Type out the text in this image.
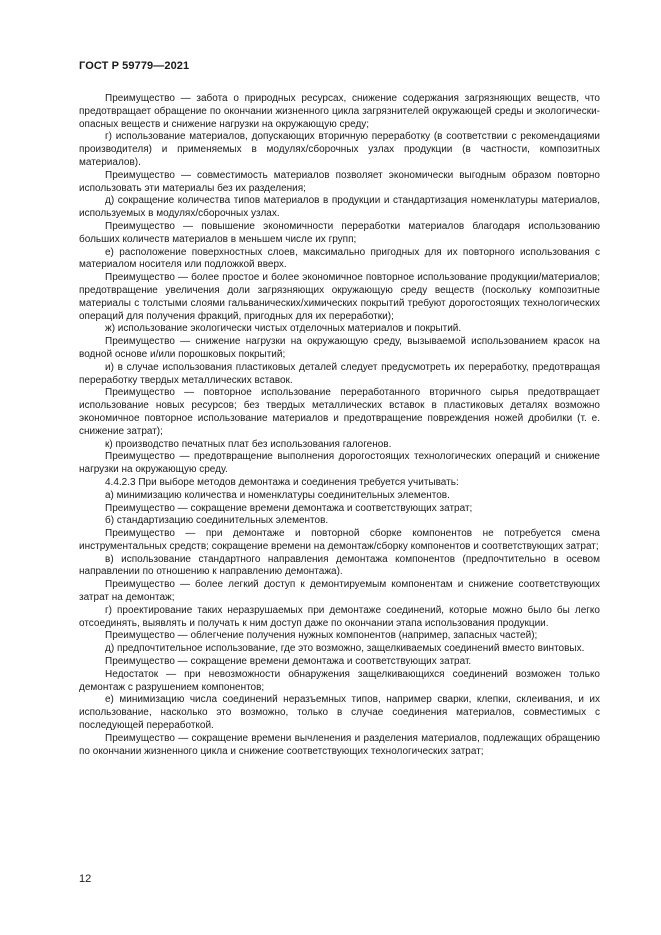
ГОСТ Р 59779—2021

Преимущество — забота о природных ресурсах, снижение содержания загрязняющих веществ, что предотвращает обращение по окончании жизненного цикла загрязнителей окружающей среды и экологически-опасных веществ и снижение нагрузки на окружающую среду;

г) использование материалов, допускающих вторичную переработку (в соответствии с рекомендациями производителя) и применяемых в модулях/сборочных узлах продукции (в частности, композитных материалов).

Преимущество — совместимость материалов позволяет экономически выгодным образом повторно использовать эти материалы без их разделения;

д) сокращение количества типов материалов в продукции и стандартизация номенклатуры материалов, используемых в модулях/сборочных узлах.

Преимущество — повышение экономичности переработки материалов благодаря использованию больших количеств материалов в меньшем числе их групп;

е) расположение поверхностных слоев, максимально пригодных для их повторного использования с материалом носителя или подложкой вверх.

Преимущество — более простое и более экономичное повторное использование продукции/материалов; предотвращение увеличения доли загрязняющих окружающую среду веществ (поскольку композитные материалы с толстыми слоями гальванических/химических покрытий требуют дорогостоящих технологических операций для получения фракций, пригодных для их переработки);

ж) использование экологически чистых отделочных материалов и покрытий.

Преимущество — снижение нагрузки на окружающую среду, вызываемой использованием красок на водной основе и/или порошковых покрытий;

и) в случае использования пластиковых деталей следует предусмотреть их переработку, предотвращая переработку твердых металлических вставок.

Преимущество — повторное использование переработанного вторичного сырья предотвращает использование новых ресурсов; без твердых металлических вставок в пластиковых деталях возможно экономичное повторное использование материалов и предотвращение повреждения ножей дробилки (т. е. снижение затрат);

к) производство печатных плат без использования галогенов.

Преимущество — предотвращение выполнения дорогостоящих технологических операций и снижение нагрузки на окружающую среду.

4.4.2.3 При выборе методов демонтажа и соединения требуется учитывать:

а) минимизацию количества и номенклатуры соединительных элементов.

Преимущество — сокращение времени демонтажа и соответствующих затрат;

б) стандартизацию соединительных элементов.

Преимущество — при демонтаже и повторной сборке компонентов не потребуется смена инструментальных средств; сокращение времени на демонтаж/сборку компонентов и соответствующих затрат;

в) использование стандартного направления демонтажа компонентов (предпочтительно в осевом направлении по отношению к направлению демонтажа).

Преимущество — более легкий доступ к демонтируемым компонентам и снижение соответствующих затрат на демонтаж;

г) проектирование таких неразрушаемых при демонтаже соединений, которые можно было бы легко отсоединять, выявлять и получать к ним доступ даже по окончании этапа использования продукции.

Преимущество — облегчение получения нужных компонентов (например, запасных частей);

д) предпочтительное использование, где это возможно, защелкиваемых соединений вместо винтовых.

Преимущество — сокращение времени демонтажа и соответствующих затрат.

Недостаток — при невозможности обнаружения защелкивающихся соединений возможен только демонтаж с разрушением компонентов;

е) минимизацию числа соединений неразъемных типов, например сварки, клепки, склеивания, и их использование, насколько это возможно, только в случае соединения материалов, совместимых с последующей переработкой.

Преимущество — сокращение времени вычленения и разделения материалов, подлежащих обращению по окончании жизненного цикла и снижение соответствующих технологических затрат;

12
